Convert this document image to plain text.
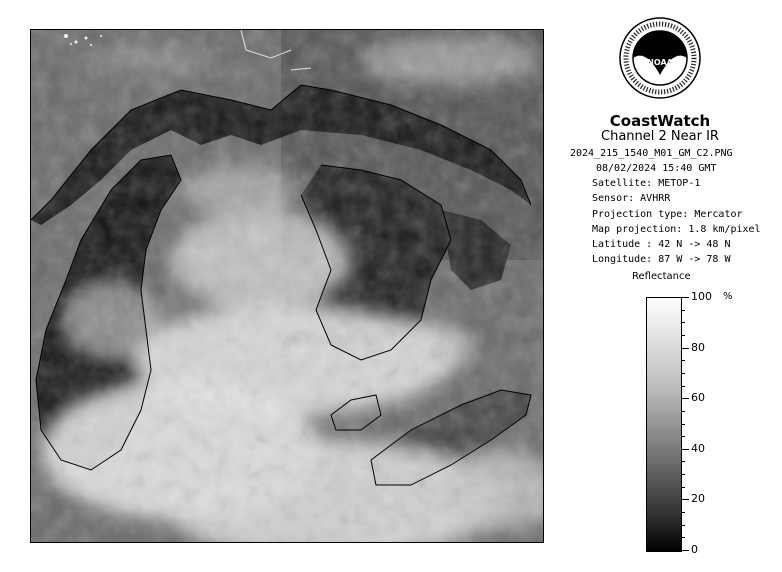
NOAA
CoastWatch
Channel 2 Near IR
2024_215_1540_M01_GM_C2.PNG
08/02/2024 15:40 GMT
Satellite: METOP-1
Sensor: AVHRR
Projection type: Mercator
Map projection: 1.8 km/pixel
Latitude : 42 N -> 48 N
Longitude: 87 W -> 78 W
Reflectance
%
100
80
60
40
20
0
